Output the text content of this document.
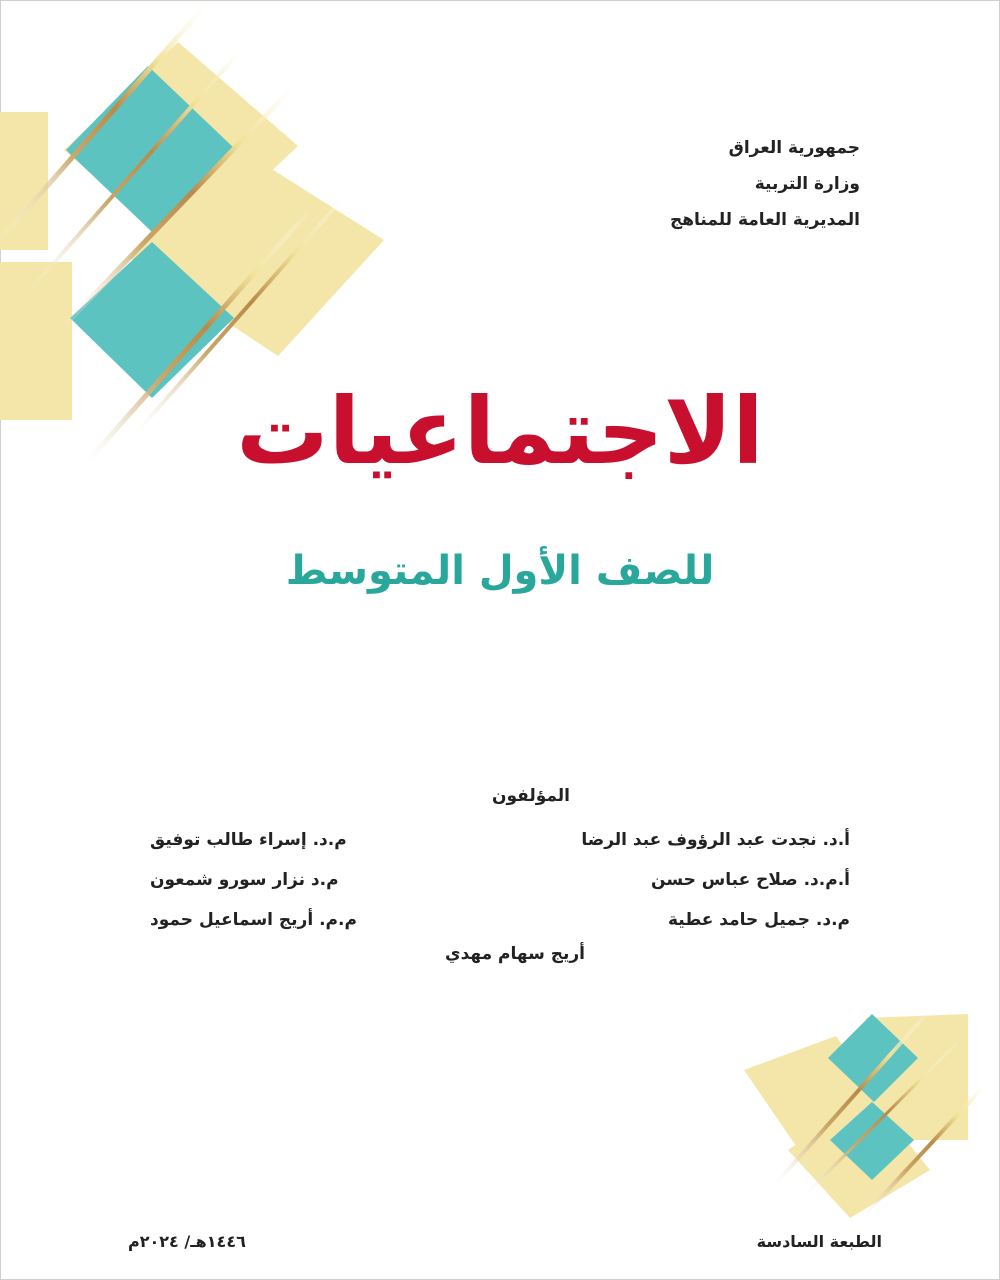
جمهورية العراق
وزارة التربية
المديرية العامة للمناهج
الاجتماعيات
للصف الأول المتوسط
المؤلفون
أ.د. نجدت عبد الرؤوف عبد الرضا
م.د. إسراء طالب توفيق
أ.م.د. صلاح عباس حسن
م.د نزار سورو شمعون
م.د. جميل حامد عطية
م.م. أريج اسماعيل حمود
أريج سهام مهدي
الطبعة السادسة
١٤٤٦هـ/ ٢٠٢٤م
